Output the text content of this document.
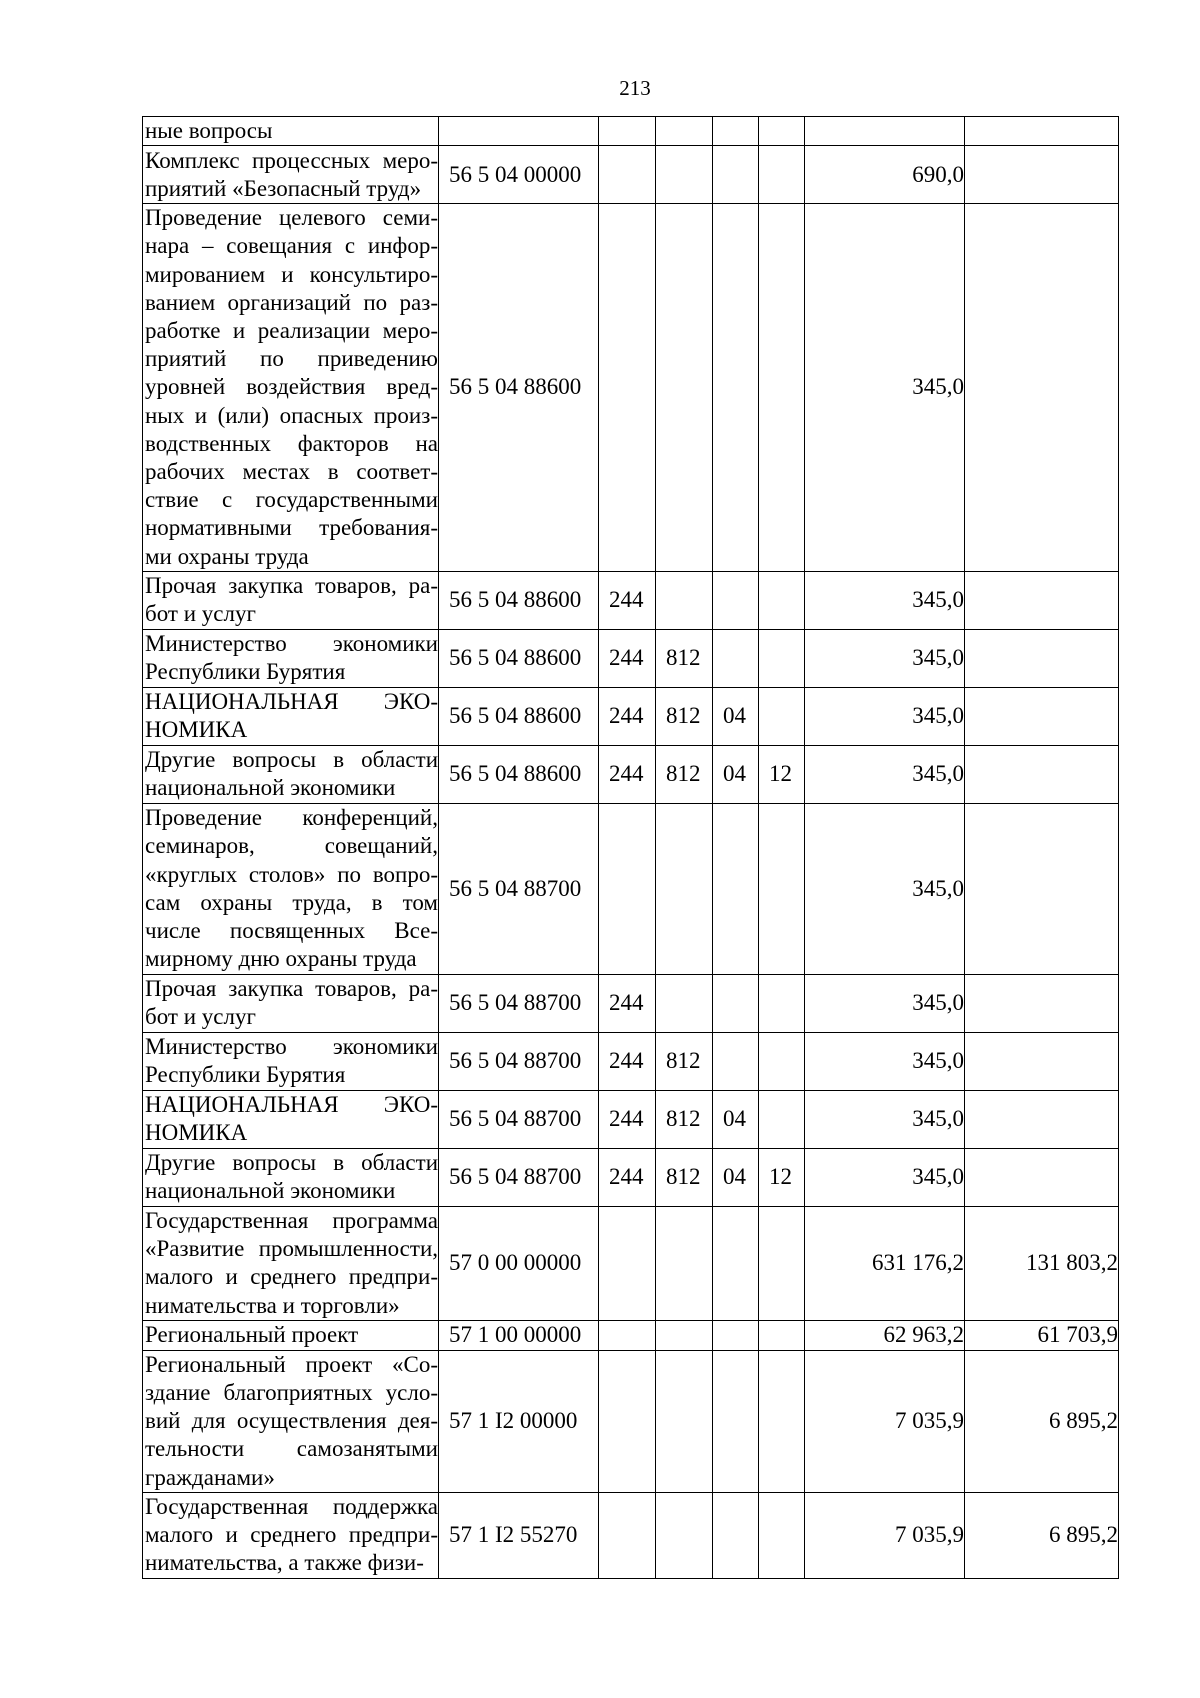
213
ные вопросы							
Комплекс процессных меро-приятий «Безопасный труд»	56 5 04 00000					690,0	
Проведение целевого семи-нара – совещания с инфор-мированием и консультиро-ванием организаций по раз-работке и реализации меро-приятий по приведению уровней воздействия вред-ных и (или) опасных произ-водственных факторов на рабочих местах в соответ-ствие с государственными нормативными требования-ми охраны труда	56 5 04 88600					345,0	
Прочая закупка товаров, ра-бот и услуг	56 5 04 88600	244				345,0	
Министерство экономики Республики Бурятия	56 5 04 88600	244	812			345,0	
НАЦИОНАЛЬНАЯ ЭКО-НОМИКА	56 5 04 88600	244	812	04		345,0	
Другие вопросы в области национальной экономики	56 5 04 88600	244	812	04	12	345,0	
Проведение конференций, семинаров, совещаний, «круглых столов» по вопро-сам охраны труда, в том числе посвященных Все-мирному дню охраны труда	56 5 04 88700					345,0	
Прочая закупка товаров, ра-бот и услуг	56 5 04 88700	244				345,0	
Министерство экономики Республики Бурятия	56 5 04 88700	244	812			345,0	
НАЦИОНАЛЬНАЯ ЭКО-НОМИКА	56 5 04 88700	244	812	04		345,0	
Другие вопросы в области национальной экономики	56 5 04 88700	244	812	04	12	345,0	
Государственная программа «Развитие промышленности, малого и среднего предпри-нимательства и торговли»	57 0 00 00000					631 176,2	131 803,2
Региональный проект	57 1 00 00000					62 963,2	61 703,9
Региональный проект «Со-здание благоприятных усло-вий для осуществления дея-тельности самозанятыми гражданами»	57 1 I2 00000					7 035,9	6 895,2
Государственная поддержка малого и среднего предпри-нимательства, а также физи-	57 1 I2 55270					7 035,9	6 895,2
